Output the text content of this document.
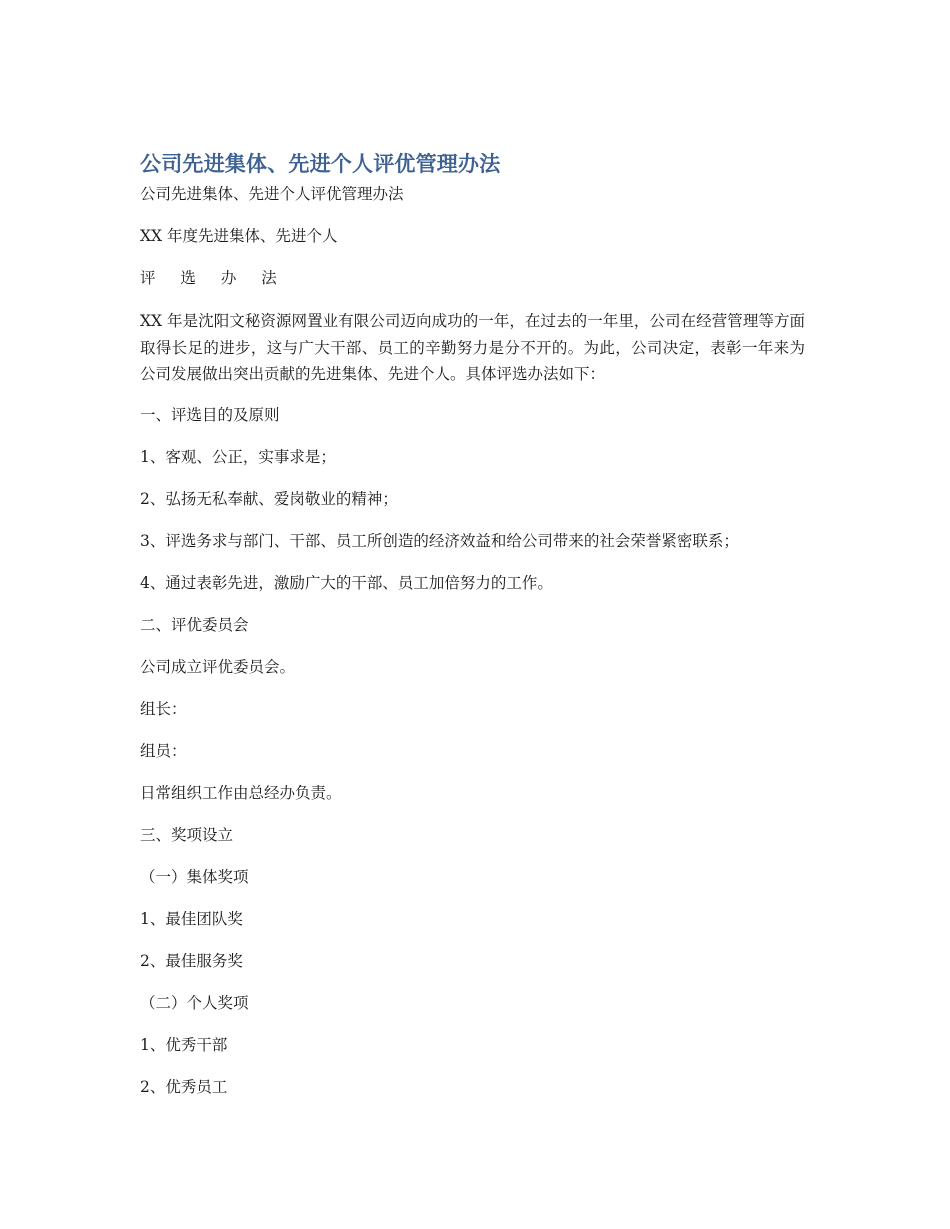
公司先进集体、先进个人评优管理办法

公司先进集体、先进个人评优管理办法

XX 年度先进集体、先进个人

评 选 办 法

XX 年是沈阳文秘资源网置业有限公司迈向成功的一年，在过去的一年里，公司在经营管理等方面取得长足的进步，这与广大干部、员工的辛勤努力是分不开的。为此，公司决定，表彰一年来为公司发展做出突出贡献的先进集体、先进个人。具体评选办法如下：

一、评选目的及原则

1、客观、公正，实事求是；

2、弘扬无私奉献、爱岗敬业的精神；

3、评选务求与部门、干部、员工所创造的经济效益和给公司带来的社会荣誉紧密联系；

4、通过表彰先进，激励广大的干部、员工加倍努力的工作。

二、评优委员会

公司成立评优委员会。

组长：

组员：

日常组织工作由总经办负责。

三、奖项设立

（一）集体奖项

1、最佳团队奖

2、最佳服务奖

（二）个人奖项

1、优秀干部

2、优秀员工
